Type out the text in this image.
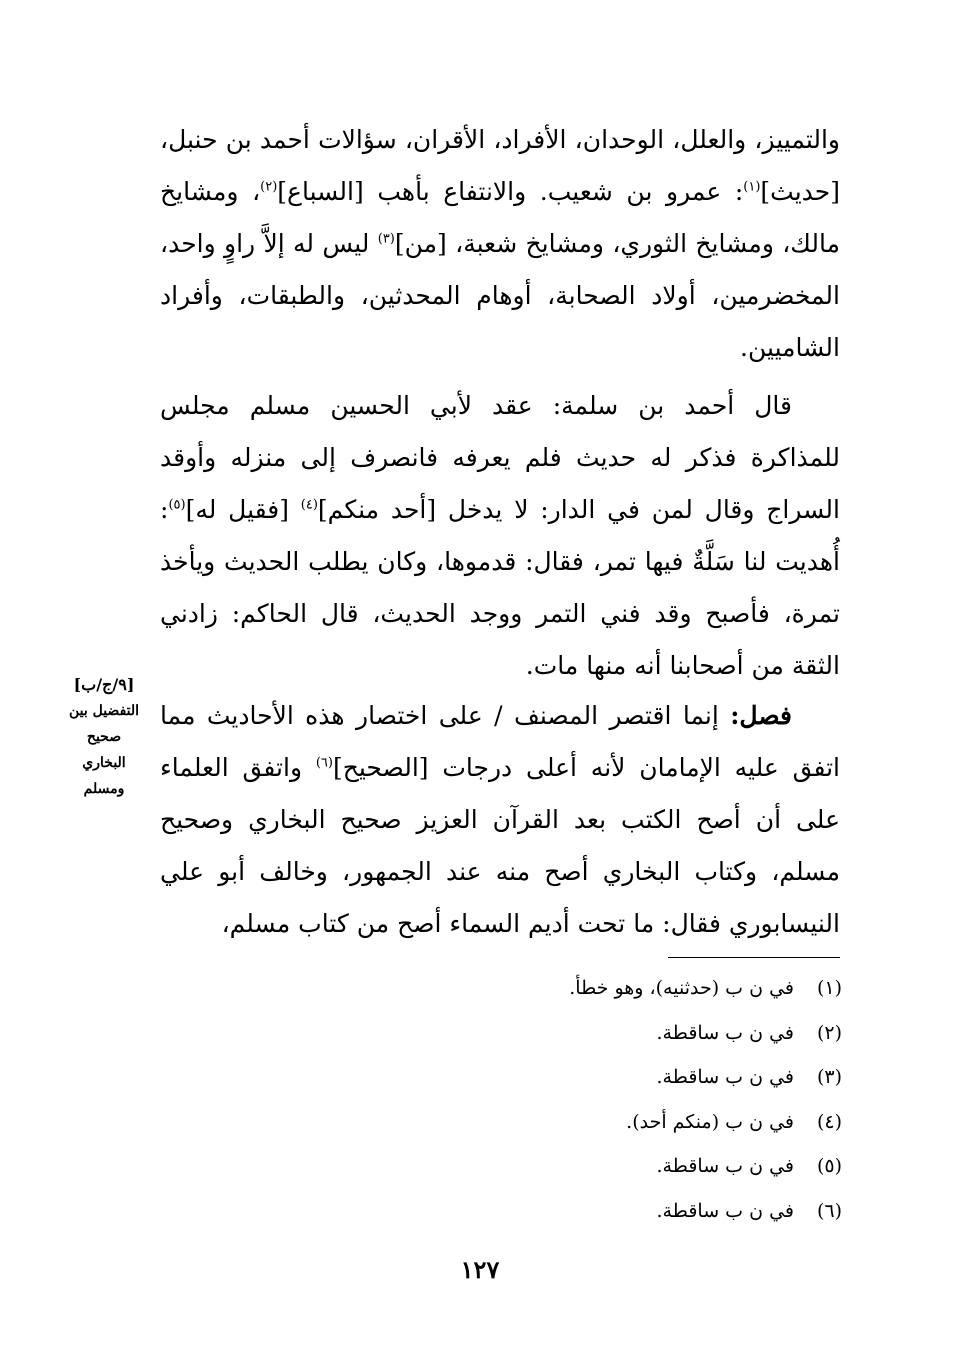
والتمييز، والعلل، الوحدان، الأفراد، الأقران، سؤالات أحمد بن حنبل، [حديث]$^{(١)}$: عمرو بن شعيب. والانتفاع بأهب [السباع]$^{(٢)}$، ومشايخ مالك، ومشايخ الثوري، ومشايخ شعبة، [من]$^{(٣)}$ ليس له إلاَّ راوٍ واحد، المخضرمين، أولاد الصحابة، أوهام المحدثين، والطبقات، وأفراد الشاميين.

قال أحمد بن سلمة: عقد لأبي الحسين مسلم مجلس للمذاكرة فذكر له حديث فلم يعرفه فانصرف إلى منزله وأوقد السراج وقال لمن في الدار: لا يدخل [أحد منكم]$^{(٤)}$ [فقيل له]$^{(٥)}$: أُهديت لنا سَلَّةٌ فيها تمر، فقال: قدموها، وكان يطلب الحديث ويأخذ تمرة، فأصبح وقد فني التمر ووجد الحديث، قال الحاكم: زادني الثقة من أصحابنا أنه منها مات.

فصل: إنما اقتصر المصنف / على اختصار هذه الأحاديث مما اتفق عليه الإمامان لأنه أعلى درجات [الصحيح]$^{(٦)}$ واتفق العلماء على أن أصح الكتب بعد القرآن العزيز صحيح البخاري وصحيح مسلم، وكتاب البخاري أصح منه عند الجمهور، وخالف أبو علي النيسابوري فقال: ما تحت أديم السماء أصح من كتاب مسلم،

[٩/ج/ب]
التفضيل بين
صحيح
البخاري
ومسلم
(١)في ن ب (حدثنيه)، وهو خطأ.
(٢)في ن ب ساقطة.
(٣)في ن ب ساقطة.
(٤)في ن ب (منكم أحد).
(٥)في ن ب ساقطة.
(٦)في ن ب ساقطة.
١٢٧
